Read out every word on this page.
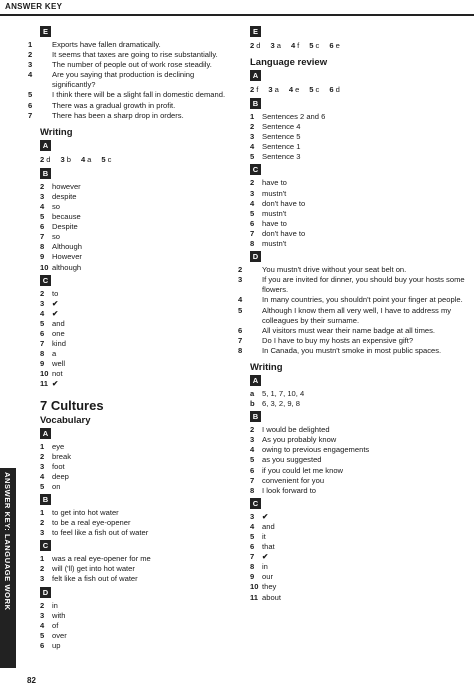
ANSWER KEY
E
1	Exports have fallen dramatically.
2	It seems that taxes are going to rise substantially.
3	The number of people out of work rose steadily.
4	Are you saying that production is declining significantly?
5	I think there will be a slight fall in domestic demand.
6	There was a gradual growth in profit.
7	There has been a sharp drop in orders.
Writing
A
2 d 3 b 4 a 5 c
B
2 however
3 despite
4 so
5 because
6 Despite
7 so
8 Although
9 However
10 although
C
2 to
3 ✔
4 ✔
5 and
6 one
7 kind
8 a
9 well
10 not
11 ✔
7 Cultures
Vocabulary
A
1 eye
2 break
3 foot
4 deep
5 on
B
1 to get into hot water
2 to be a real eye-opener
3 to feel like a fish out of water
C
1 was a real eye-opener for me
2 will ('ll) get into hot water
3 felt like a fish out of water
D
2 in
3 with
4 of
5 over
6 up
E
2 d 3 a 4 f 5 c 6 e
Language review
A
2 f 3 a 4 e 5 c 6 d
B
1 Sentences 2 and 6
2 Sentence 4
3 Sentence 5
4 Sentence 1
5 Sentence 3
C
2 have to
3 mustn't
4 don't have to
5 mustn't
6 have to
7 don't have to
8 mustn't
D
2	You mustn't drive without your seat belt on.
3	If you are invited for dinner, you should buy your hosts some flowers.
4	In many countries, you shouldn't point your finger at people.
5	Although I know them all very well, I have to address my colleagues by their surname.
6	All visitors must wear their name badge at all times.
7	Do I have to buy my hosts an expensive gift?
8	In Canada, you mustn't smoke in most public spaces.
Writing
A
a 5, 1, 7, 10, 4
b 6, 3, 2, 9, 8
B
2 I would be delighted
3 As you probably know
4 owing to previous engagements
5 as you suggested
6 if you could let me know
7 convenient for you
8 I look forward to
C
3 ✔
4 and
5 it
6 that
7 ✔
8 in
9 our
10 they
11 about
ANSWER KEY: LANGUAGE WORK
82
